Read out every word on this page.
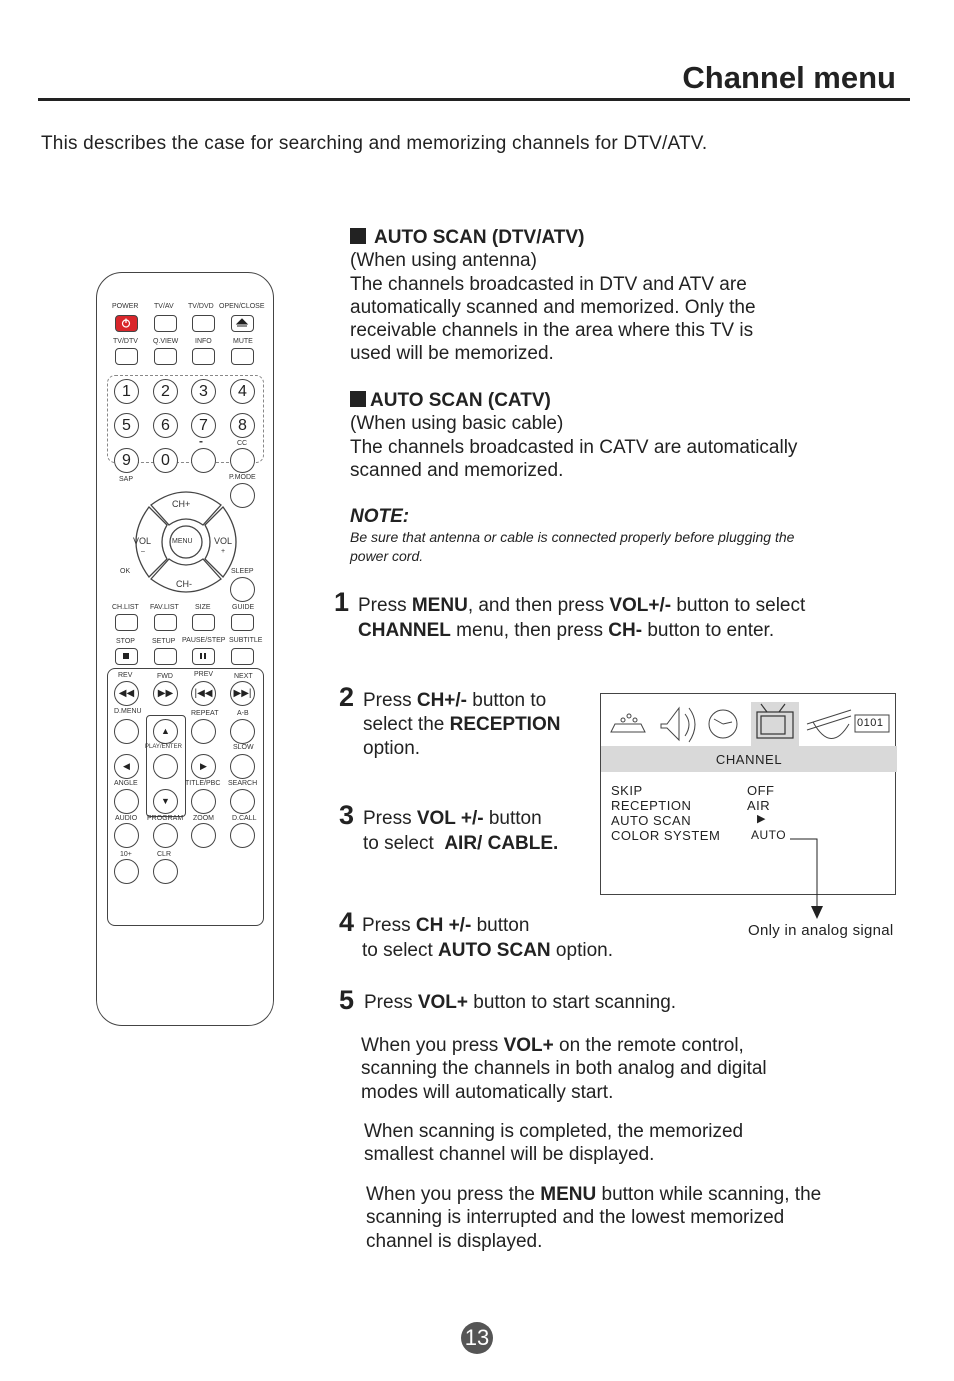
Channel menu
This describes the case for searching and memorizing channels for DTV/ATV.
AUTO SCAN (DTV/ATV)
(When using antenna)
The channels broadcasted in DTV and ATV are
automatically scanned and memorized. Only the
receivable channels in the area where this TV is
used will be memorized.
AUTO SCAN (CATV)
(When using basic cable)
The channels broadcasted in CATV are automatically
scanned and memorized.
NOTE:
Be sure that antenna or cable is connected properly before plugging the
power cord.
1 Press MENU, and then press VOL+/- button to select
CHANNEL menu, then press CH- button to enter.
2 Press CH+/- button to
select the RECEPTION
option.
3 Press VOL +/- button
to select  AIR/ CABLE.
4 Press CH +/- button
to select AUTO SCAN option.
5 Press VOL+ button to start scanning.
When you press VOL+ on the remote control,
scanning the channels in both analog and digital
modes will automatically start.
When scanning is completed, the memorized
smallest channel will be displayed.
When you press the MENU button while scanning, the
scanning is interrupted and the lowest memorized
channel is displayed.
0101
CHANNEL
SKIP	OFF
RECEPTION	AIR
AUTO SCAN	▶
COLOR SYSTEM	AUTO
Only in analog signal
POWER TV/AV TV/DVD OPEN/CLOSE
TV/DTV Q.VIEW INFO	MUTE
1	2	3	4
5	6	7	8
9	0
-	CC
SAP	P.MODE
CH+
CH-
VOL
–
VOL
+
MENU
OK	SLEEP
CH.LIST FAV.LIST SIZE	GUIDE
STOP SETUP PAUSE/STEP SUBTITLE
REV	FWD	PREV	NEXT
◀◀	▶▶	|◀◀	▶▶|
D.MENU	REPEAT	A-B
▲
PLAY/ENTER
◀	▶
SLOW
ANGLE	TITLE/PBC SEARCH
▼
AUDIO PROGRAM ZOOM	D.CALL
10+	CLR
13
